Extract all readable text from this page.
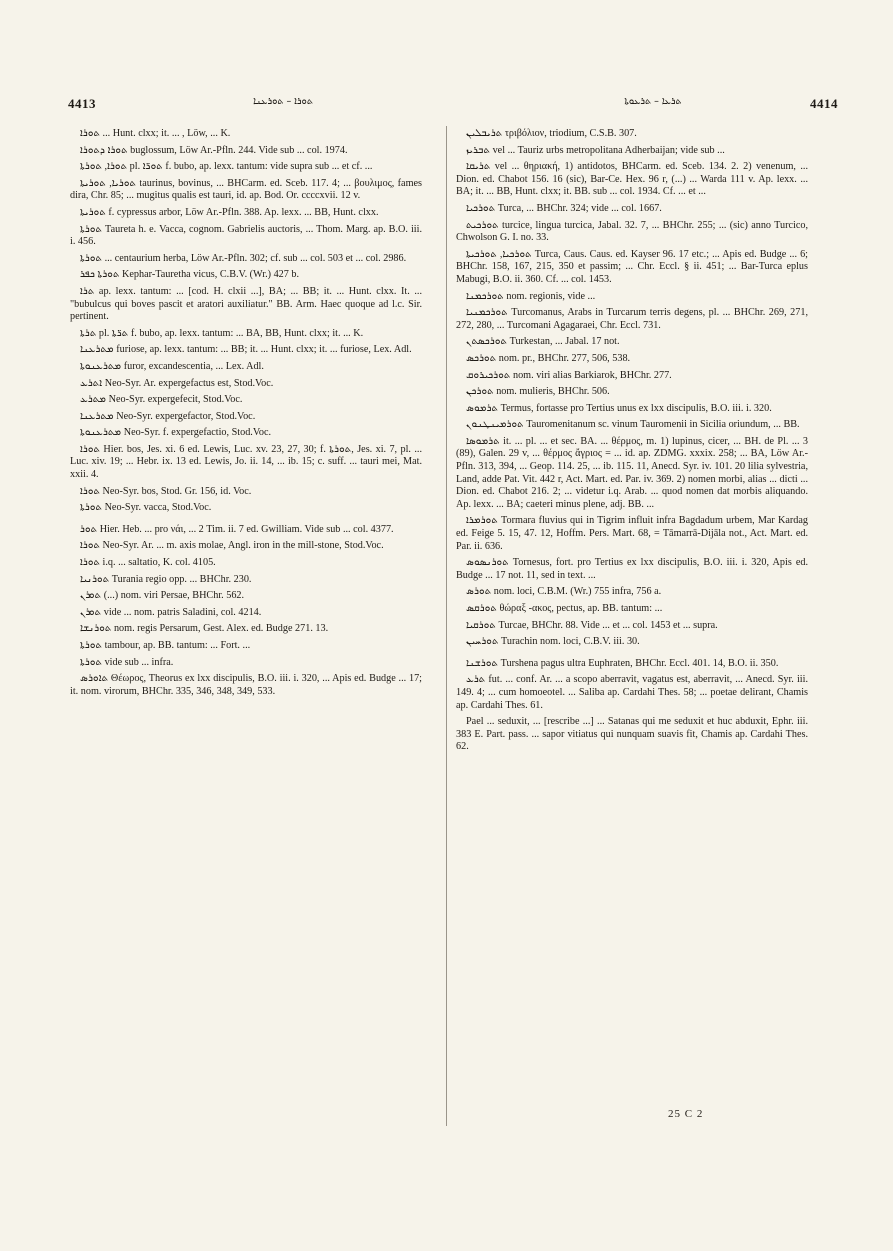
4413	ܬܘܪܐ – ܬܘܪܥܢܐ	ܬܪܥܐ – ܬܪܥܘܬܐ	4414

ܬܘܪܐ ... Hunt. clxx; it. ... , Löw, ... K.

ܬܘܪܐ ܕܬܘܪܐ buglossum, Löw Ar.-Pfln. 244. Vide sub ... col. 1974.

ܬܘܪܐ, ܬܘܪܬܐ pl. ܬܘܪ̈ܐ f. bubo, ap. lexx. tantum: vide supra sub ... et cf. ...

ܬܘܪܝܐ, ܬܘܪܝܬܐ taurinus, bovinus, ... BHCarm. ed. Sceb. 117. 4; ... βουλιμος, fames dira, Chr. 85; ... mugitus qualis est tauri, id. ap. Bod. Or. ccccxvii. 12 v.

ܬܘܪܝܬܐ f. cypressus arbor, Löw Ar.-Pfln. 388. Ap. lexx. ... BB, Hunt. clxx.

ܬܘܪܬܐ Taureta h. e. Vacca, cognom. Gabrielis auctoris, ... Thom. Marg. ap. B.O. iii. i. 456.

ܬܘܪܬܐ ... centaurium herba, Löw Ar.-Pfln. 302; cf. sub ... col. 503 et ... col. 2986.

ܬܘܪܬܐ ܟܦܪ Kephar-Tauretha vicus, C.B.V. (Wr.) 427 b.

ܬܪܐ ap. lexx. tantum: ... [cod. H. clxii ...], BA; ... BB; it. ... Hunt. clxx. It. ... "bubulcus qui boves pascit et aratori auxiliatur." BB. Arm. Haec quoque ad l.c. Sir. pertinent.

ܬܪܬܐ pl. ܬܪ̈ܬܐ f. bubo, ap. lexx. tantum: ... BA, BB, Hunt. clxx; it. ... K.

ܡܬܪܥܢܐ furiose, ap. lexx. tantum: ... BB; it. ... Hunt. clxx; it. ... furiose, Lex. Adl.

ܡܬܪܥܢܘܬܐ furor, excandescentia, ... Lex. Adl.

ܐܬܪܥ Neo-Syr. Ar. expergefactus est, Stod.Voc.

ܡܬܪܥ Neo-Syr. expergefecit, Stod.Voc.

ܡܬܪܥܢܐ Neo-Syr. expergefactor, Stod.Voc.

ܡܬܪܥܢܘܬܐ Neo-Syr. f. expergefactio, Stod.Voc.

ܬܘܪܐ Hier. bos, Jes. xi. 6 ed. Lewis, Luc. xv. 23, 27, 30; f. ܬܘܪܬܐ, Jes. xi. 7, pl. ... Luc. xiv. 19; ... Hebr. ix. 13 ed. Lewis, Jo. ii. 14, ... ib. 15; c. suff. ... tauri mei, Mat. xxii. 4.

ܬܘܪܐ Neo-Syr. bos, Stod. Gr. 156, id. Voc.

ܬܘܪܬܐ Neo-Syr. vacca, Stod.Voc.

ܬܘܪ Hier. Heb. ... pro νάι, ... 2 Tim. ii. 7 ed. Gwilliam. Vide sub ... col. 4377.

ܬܘܪܐ Neo-Syr. Ar. ... m. axis molae, Angl. iron in the mill-stone, Stod.Voc.

ܬܘܪܐ i.q. ... saltatio, K. col. 4105.

ܬܘܪܢܝܐ Turania regio opp. ... BHChr. 230.

ܬܘܪܢ (...) nom. viri Persae, BHChr. 562.

ܬܘܪܢ vide ... nom. patris Saladini, col. 4214.

ܬܘܪܢܫܐ nom. regis Persarum, Gest. Alex. ed. Budge 271. 13.

ܬܘܪܬܐ tambour, ap. BB. tantum: ... Fort. ...

ܬܘܪܬܐ vide sub ... infra.

ܬܐܘܪܣ Θέωρος, Theorus ex lxx discipulis, B.O. iii. i. 320, ... Apis ed. Budge ... 17; it. nom. virorum, BHChr. 335, 346, 348, 349, 533.

ܬܪܝܒܠܝܢ τριβόλιον, triodium, C.S.B. 307.

ܬܒܪܝܙ vel ... Tauriz urbs metropolitana Adherbaijan; vide sub ...

ܬܪܝܩܐ vel ... θηριακή, 1) antidotos, BHCarm. ed. Sceb. 134. 2. 2) venenum, ... Dion. ed. Chabot 156. 16 (sic), Bar-Ce. Hex. 96 r, (...) ... Warda 111 v. Ap. lexx. ... BA; it. ... BB, Hunt. clxx; it. BB. sub ... col. 1934. Cf. ... et ...

ܬܘܪܟܝܐ Turca, ... BHChr. 324; vide ... col. 1667.

ܬܘܪܟܝܬ turcice, lingua turcica, Jabal. 32. 7, ... BHChr. 255; ... (sic) anno Turcico, Chwolson G. I. no. 33.

ܬܘܪܟܝܐ, ܬܘܪܟܝܬܐ Turca, Caus. Caus. ed. Kayser 96. 17 etc.; ... Apis ed. Budge ... 6; BHChr. 158, 167, 215, 350 et passim; ... Chr. Eccl. § ii. 451; ... Bar-Turca eplus Mabugi, B.O. ii. 360. Cf. ... col. 1453.

ܬܘܪܟܡܢܐ nom. regionis, vide ...

ܬܘܪܟܡܢܝܐ Turcomanus, Arabs in Turcarum terris degens, pl. ... BHChr. 269, 271, 272, 280, ... Turcomani Agagaraei, Chr. Eccl. 731.

ܬܘܪܟܣܬܢ Turkestan, ... Jabal. 17 not.

ܬܘܪܟܣ nom. pr., BHChr. 277, 506, 538.

ܬܘܪܟܝܪܘܩ nom. viri alias Barkiarok, BHChr. 277.

ܬܘܪܟܢ nom. mulieris, BHChr. 506.

ܬܪܡܘܣ Termus, fortasse pro Tertius unus ex lxx discipulis, B.O. iii. i. 320.

ܬܘܪܡܝܢܛܢܘܢ Tauromenitanum sc. vinum Tauromenii in Sicilia oriundum, ... BB.

ܬܪܡܘܣܐ it. ... pl. ... et sec. BA. ... θέρμος, m. 1) lupinus, cicer, ... BH. de Pl. ... 3 (89), Galen. 29 v, ... θέρμος ἄγριος = ... id. ap. ZDMG. xxxix. 258; ... BA, Löw Ar.-Pfln. 313, 394, ... Geop. 114. 25, ... ib. 115. 11, Anecd. Syr. iv. 101. 20 lilia sylvestria, Land, adde Pat. Vit. 442 r, Act. Mart. ed. Par. iv. 369. 2) nomen morbi, alias ... dicti ... Dion. ed. Chabot 216. 2; ... videtur i.q. Arab. ... quod nomen dat morbis aliquando. Ap. lexx. ... BA; caeteri minus plene, adj. BB. ...

ܬܘܪܡܪܐ Tormara fluvius qui in Tigrim influit infra Bagdadum urbem, Mar Kardag ed. Feige 5. 15, 47. 12, Hoffm. Pers. Mart. 68, = Tāmarrā-Dijāla not., Act. Mart. ed. Par. ii. 636.

ܬܘܪܢܣܘܣ Tornesus, fort. pro Tertius ex lxx discipulis, B.O. iii. i. 320, Apis ed. Budge ... 17 not. 11, sed in text. ...

ܬܘܪܣ nom. loci, C.B.M. (Wr.) 755 infra, 756 a.

ܬܘܪܩܣ θώραξ -ακος, pectus, ap. BB. tantum: ...

ܬܘܪܩܝܐ Turcae, BHChr. 88. Vide ... et ... col. 1453 et ... supra.

ܬܘܪܚܝܢ Turachin nom. loci, C.B.V. iii. 30.

ܬܘܪܫܢܐ Turshena pagus ultra Euphraten, BHChr. Eccl. 401. 14, B.O. ii. 350.

ܬܪܥ fut. ... conf. Ar. ... a scopo aberravit, vagatus est, aberravit, ... Anecd. Syr. iii. 149. 4; ... cum homoeotel. ... Saliba ap. Cardahi Thes. 58; ... poetae delirant, Chamis ap. Cardahi Thes. 61.

Pael ... seduxit, ... [rescribe ...] ... Satanas qui me seduxit et huc abduxit, Ephr. iii. 383 E. Part. pass. ... sapor vitiatus qui nunquam suavis fit, Chamis ap. Cardahi Thes. 62.

25 C 2
